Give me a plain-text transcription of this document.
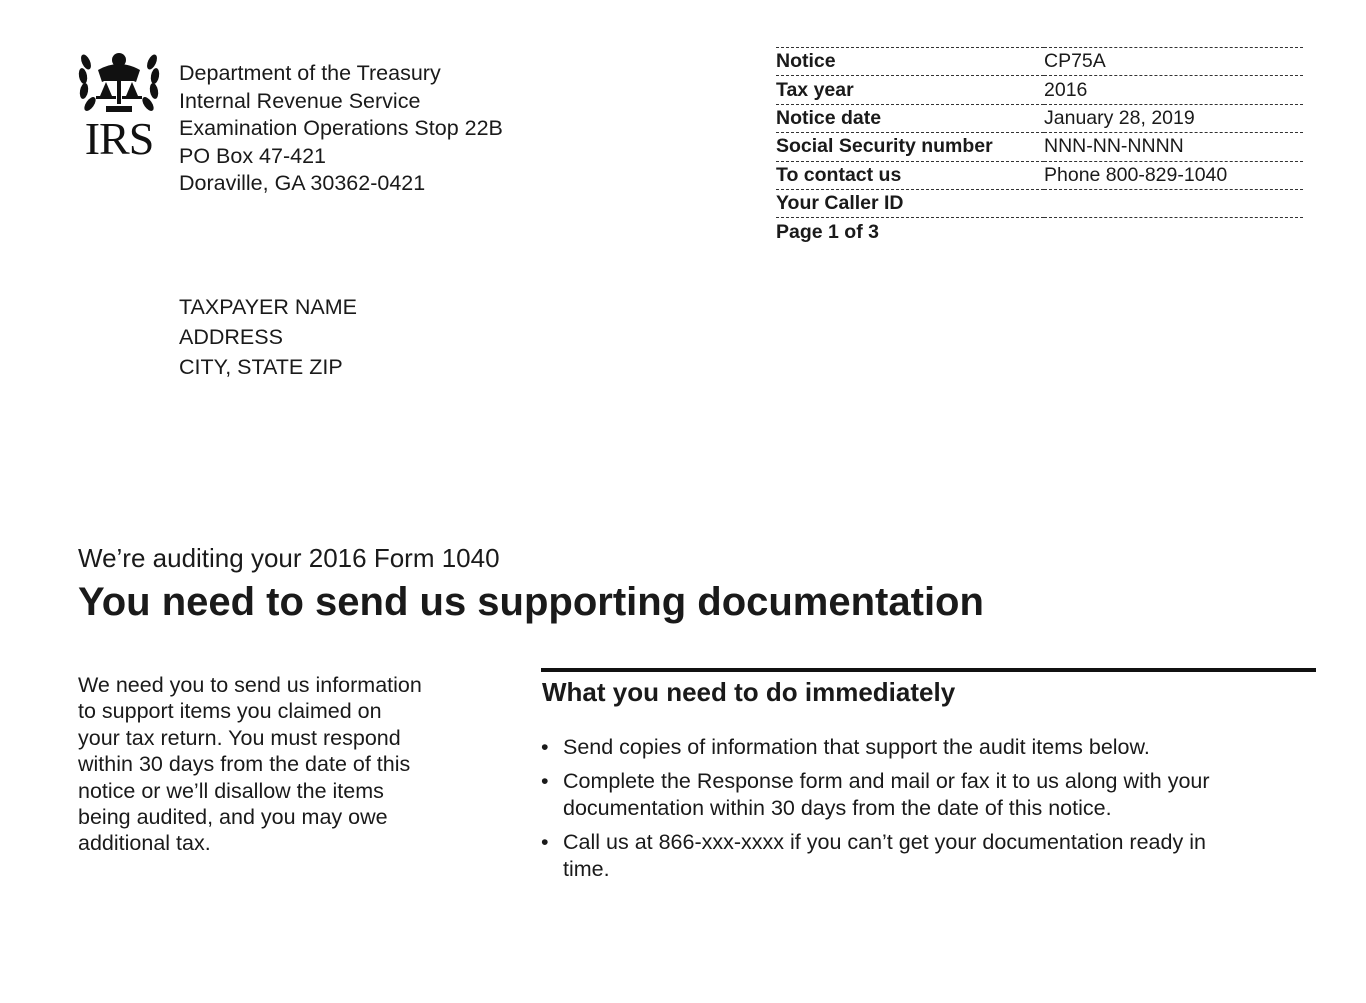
IRS
Department of the Treasury
Internal Revenue Service
Examination Operations Stop 22B
PO Box 47-421
Doraville, GA 30362-0421
Notice	CP75A
Tax year	2016
Notice date	January 28, 2019
Social Security number	NNN-NN-NNNN
To contact us	Phone 800-829-1040
Your Caller ID	
Page 1 of 3	
TAXPAYER NAME
ADDRESS
CITY, STATE ZIP
We’re auditing your 2016 Form 1040
You need to send us supporting documentation
We need you to send us information
to support items you claimed on
your tax return. You must respond
within 30 days from the date of this
notice or we’ll disallow the items
being audited, and you may owe
additional tax.
What you need to do immediately
• Send copies of information that support the audit items below.
• Complete the Response form and mail or fax it to us along with your
documentation within 30 days from the date of this notice.
• Call us at 866-xxx-xxxx if you can’t get your documentation ready in
time.
